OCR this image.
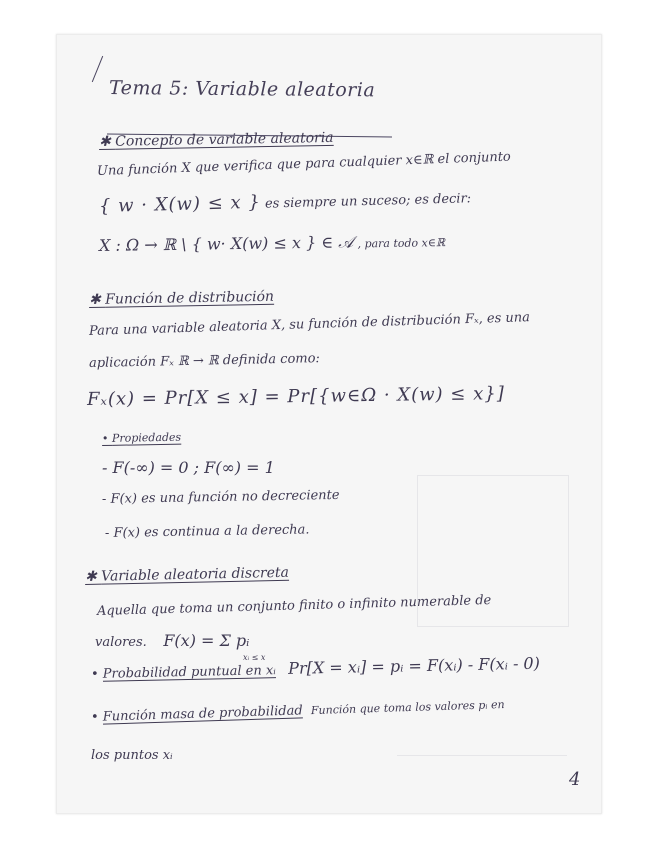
Tema 5: Variable aleatoria
✱ Concepto de variable aleatoria
Una función X que verifica que para cualquier x∈ℝ el conjunto
{ w · X(w) ≤ x } es siempre un suceso; es decir:
X : Ω → ℝ \ { w· X(w) ≤ x } ∈ 𝒜 , para todo x∈ℝ
✱ Función de distribución
Para una variable aleatoria X, su función de distribución Fₓ, es una
aplicación Fₓ ℝ → ℝ definida como:
Fₓ(x) = Pr[X ≤ x] = Pr[{w∈Ω · X(w) ≤ x}]
• Propiedades
- F(-∞) = 0 ; F(∞) = 1
- F(x) es una función no decreciente
- F(x) es continua a la derecha.
✱ Variable aleatoria discreta
Aquella que toma un conjunto finito o infinito numerable de
valores. F(x) = Σ pᵢ
xᵢ ≤ x
• Probabilidad puntual en xᵢ Pr[X = xᵢ] = pᵢ = F(xᵢ) - F(xᵢ - 0)
• Función masa de probabilidad Función que toma los valores pᵢ en
los puntos xᵢ
4
